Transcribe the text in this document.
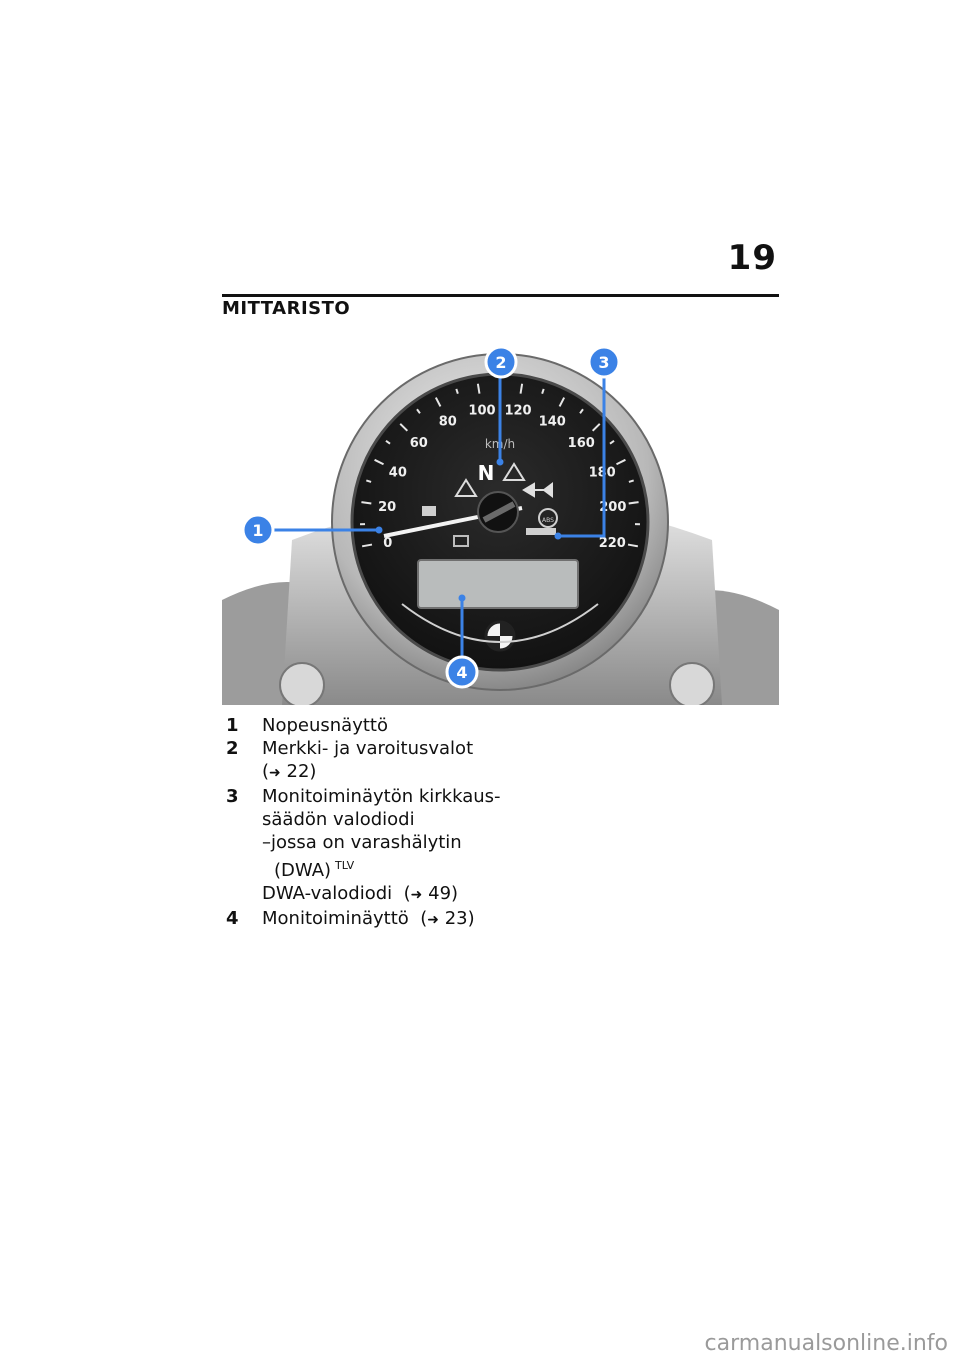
19
MITTARISTO
0
20
40
60
80
100 120
140
160
180
200
220
km/h
N
ABS
1
2	3
4
1	Nopeusnäyttö
2	Merkki- ja varoitusvalot
(➜ 22)
3	Monitoiminäytön kirkkaus-
säädön valodiodi
–jossa on varashälytin
(DWA) $^{TLV}$
DWA-valodiodi (➜ 49)
4	Monitoiminäyttö (➜ 23)
carmanualsonline.info
